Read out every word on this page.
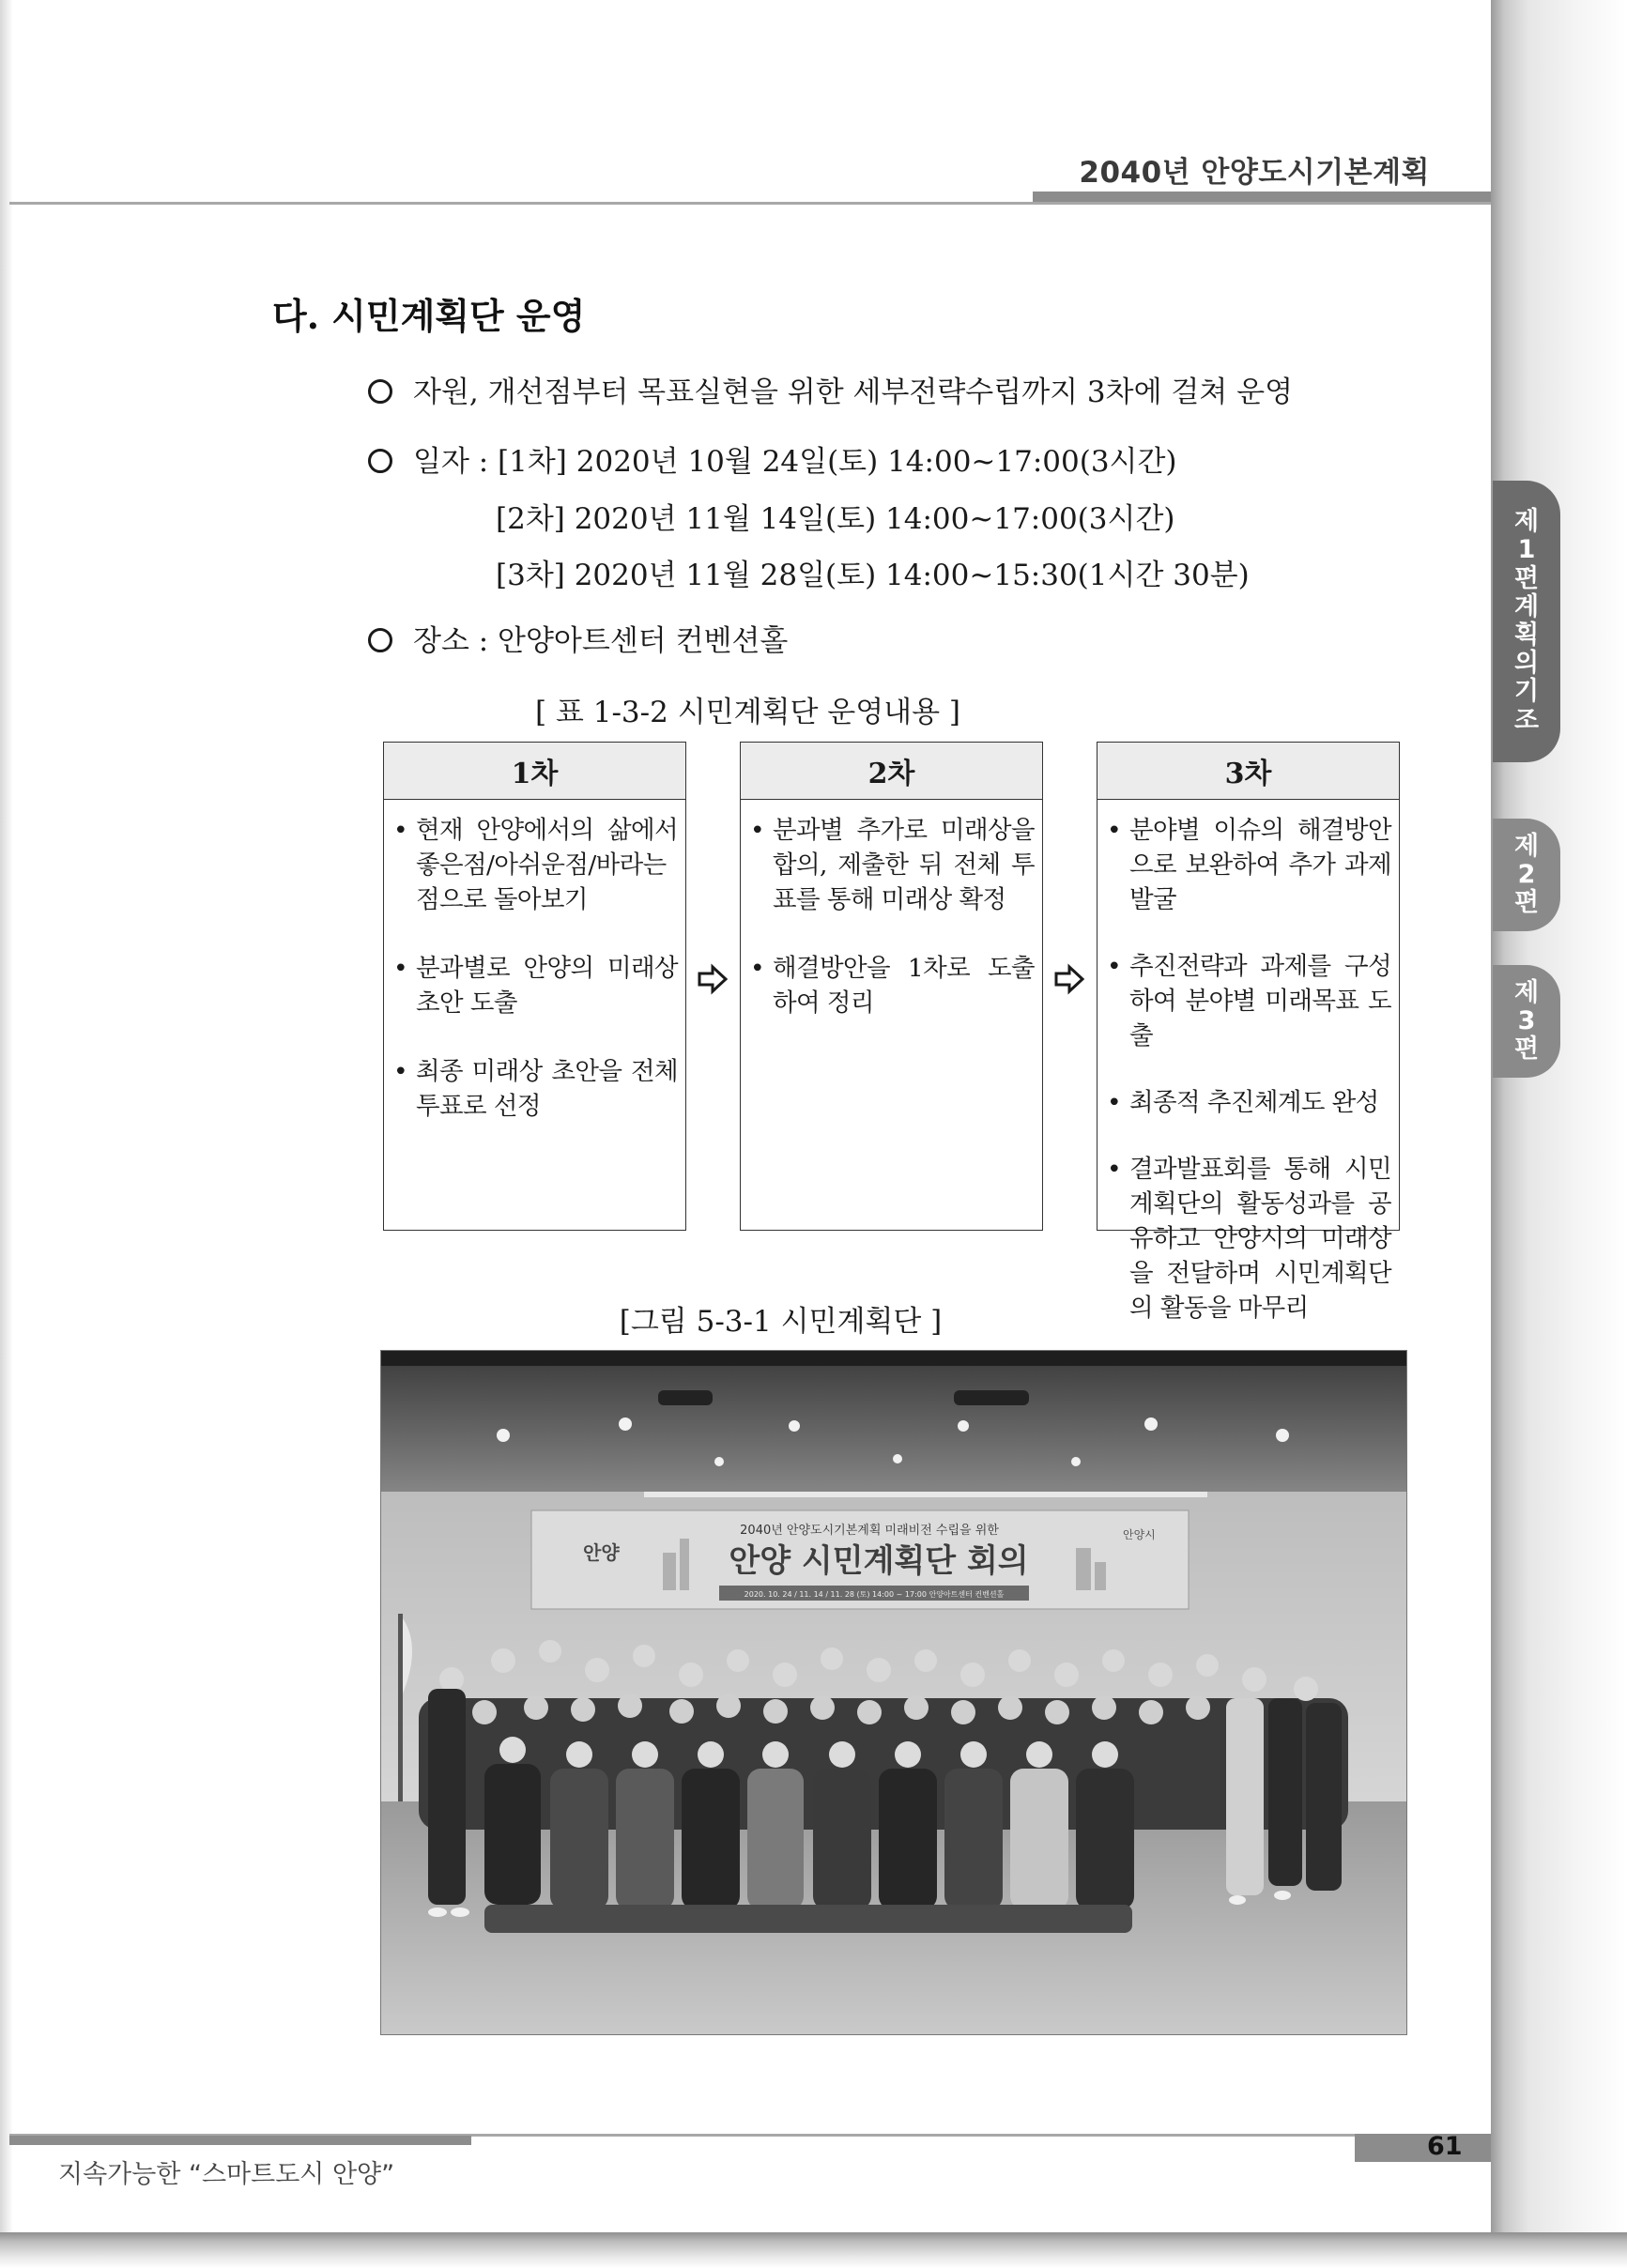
2040년 안양도시기본계획
제
1
편
계
획
의
기
조
제
2
편
제
3
편
다. 시민계획단 운영
자원, 개선점부터 목표실현을 위한 세부전략수립까지 3차에 걸쳐 운영
일자 : [1차] 2020년 10월 24일(토) 14:00~17:00(3시간)
[2차] 2020년 11월 14일(토) 14:00~17:00(3시간)
[3차] 2020년 11월 28일(토) 14:00~15:30(1시간 30분)
장소 : 안양아트센터 컨벤션홀
[ 표 1-3-2 시민계획단 운영내용 ]
1차
• 현재 안양에서의 삶에서 좋은점/아쉬운점/바라는 점으로 돌아보기
• 분과별로 안양의 미래상 초안 도출
• 최종 미래상 초안을 전체 투표로 선정
2차
• 분과별 추가로 미래상을 합의, 제출한 뒤 전체 투표를 통해 미래상 확정
• 해결방안을 1차로 도출하여 정리
3차
• 분야별 이슈의 해결방안으로 보완하여 추가 과제 발굴
• 추진전략과 과제를 구성하여 분야별 미래목표 도출
• 최종적 추진체계도 완성
• 결과발표회를 통해 시민계획단의 활동성과를 공유하고 안양시의 미래상을 전달하며 시민계획단의 활동을 마무리
[그림 5-3-1 시민계획단 ]
2040년 안양도시기본계획 미래비전 수립을 위한
안양 시민계획단 회의
2020. 10. 24 / 11. 14 / 11. 28 (토) 14:00 ~ 17:00 안양아트센터 컨벤션홀
안양
안양시
61
지속가능한 “스마트도시 안양”
